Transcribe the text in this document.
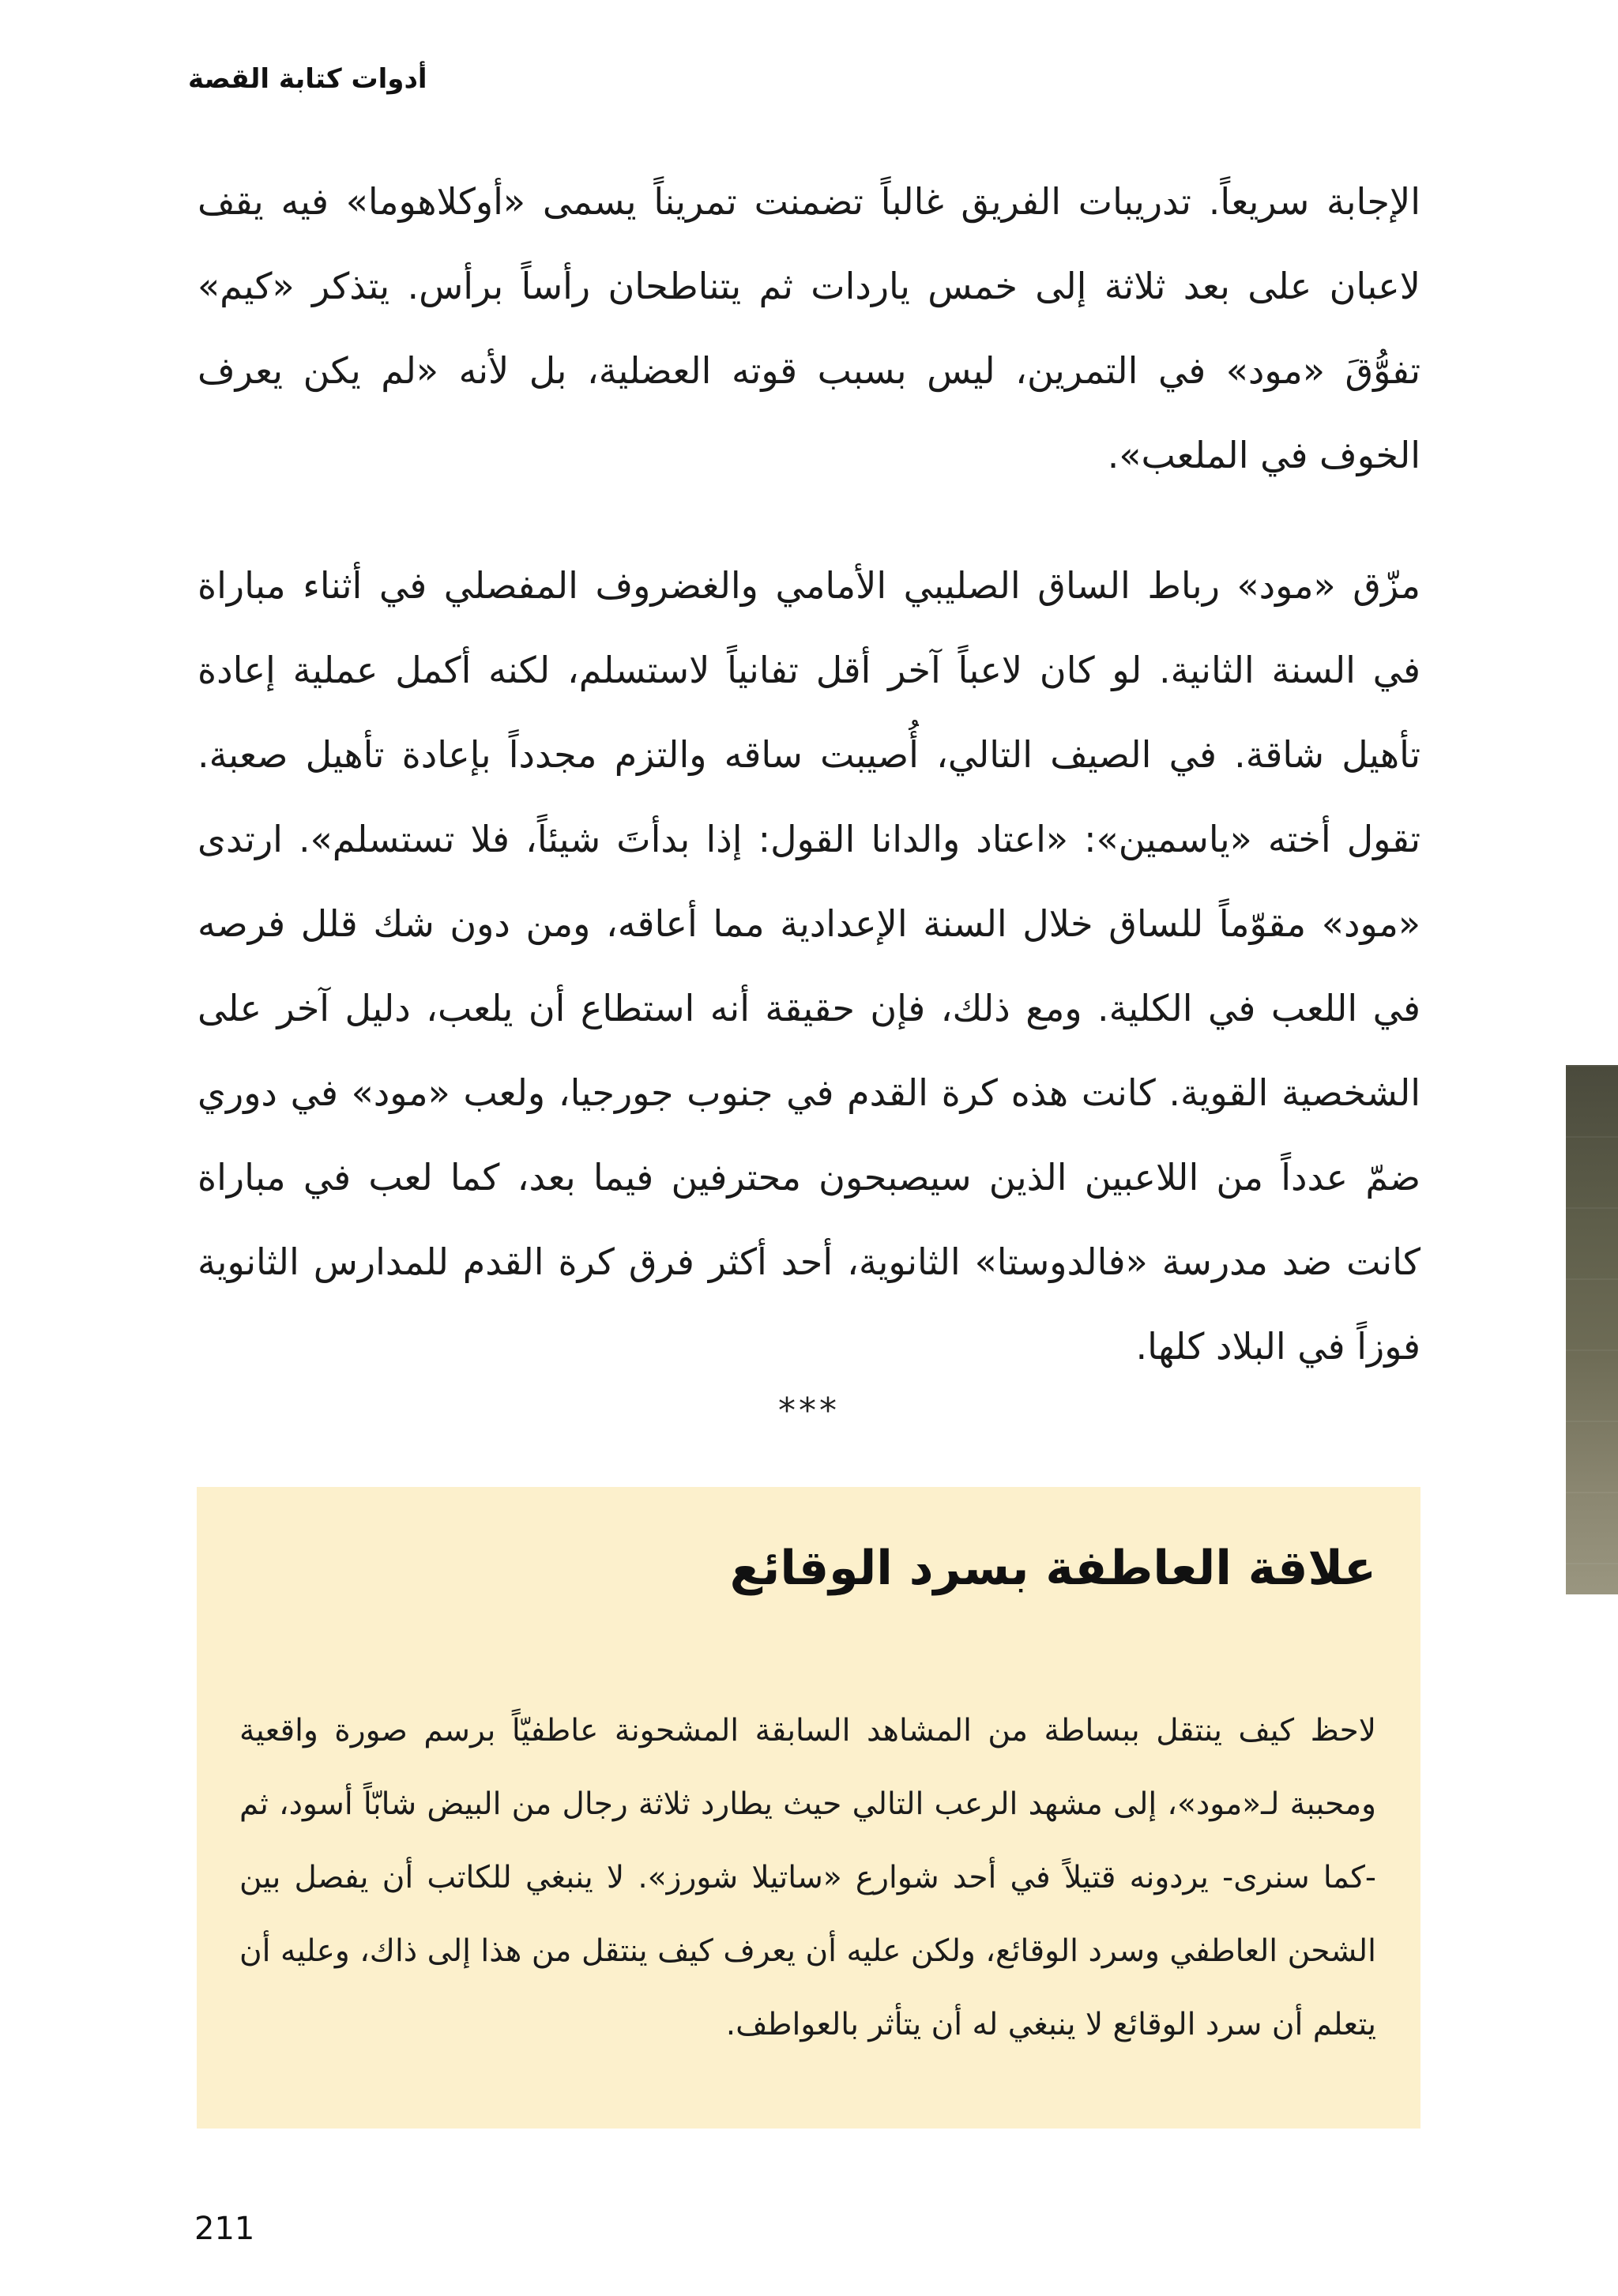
أدوات كتابة القصة

الإجابة سريعاً. تدريبات الفريق غالباً تضمنت تمريناً يسمى «أوكلاهوما» فيه يقف لاعبان على بعد ثلاثة إلى خمس ياردات ثم يتناطحان رأساً برأس. يتذكر «كيم» تفوُّقَ «مود» في التمرين، ليس بسبب قوته العضلية، بل لأنه «لم يكن يعرف الخوف في الملعب».

مزّق «مود» رباط الساق الصليبي الأمامي والغضروف المفصلي في أثناء مباراة في السنة الثانية. لو كان لاعباً آخر أقل تفانياً لاستسلم، لكنه أكمل عملية إعادة تأهيل شاقة. في الصيف التالي، أُصيبت ساقه والتزم مجدداً بإعادة تأهيل صعبة. تقول أخته «ياسمين»: «اعتاد والدانا القول: إذا بدأتَ شيئاً، فلا تستسلم». ارتدى «مود» مقوّماً للساق خلال السنة الإعدادية مما أعاقه، ومن دون شك قلل فرصه في اللعب في الكلية. ومع ذلك، فإن حقيقة أنه استطاع أن يلعب، دليل آخر على الشخصية القوية. كانت هذه كرة القدم في جنوب جورجيا، ولعب «مود» في دوري ضمّ عدداً من اللاعبين الذين سيصبحون محترفين فيما بعد، كما لعب في مباراة كانت ضد مدرسة «فالدوستا» الثانوية، أحد أكثر فرق كرة القدم للمدارس الثانوية فوزاً في البلاد كلها.

***
علاقة العاطفة بسرد الوقائع

لاحظ كيف ينتقل ببساطة من المشاهد السابقة المشحونة عاطفيّاً برسم صورة واقعية ومحببة لـ«مود»، إلى مشهد الرعب التالي حيث يطارد ثلاثة رجال من البيض شابّاً أسود، ثم -كما سنرى- يردونه قتيلاً في أحد شوارع «ساتيلا شورز». لا ينبغي للكاتب أن يفصل بين الشحن العاطفي وسرد الوقائع، ولكن عليه أن يعرف كيف ينتقل من هذا إلى ذاك، وعليه أن يتعلم أن سرد الوقائع لا ينبغي له أن يتأثر بالعواطف.

211
